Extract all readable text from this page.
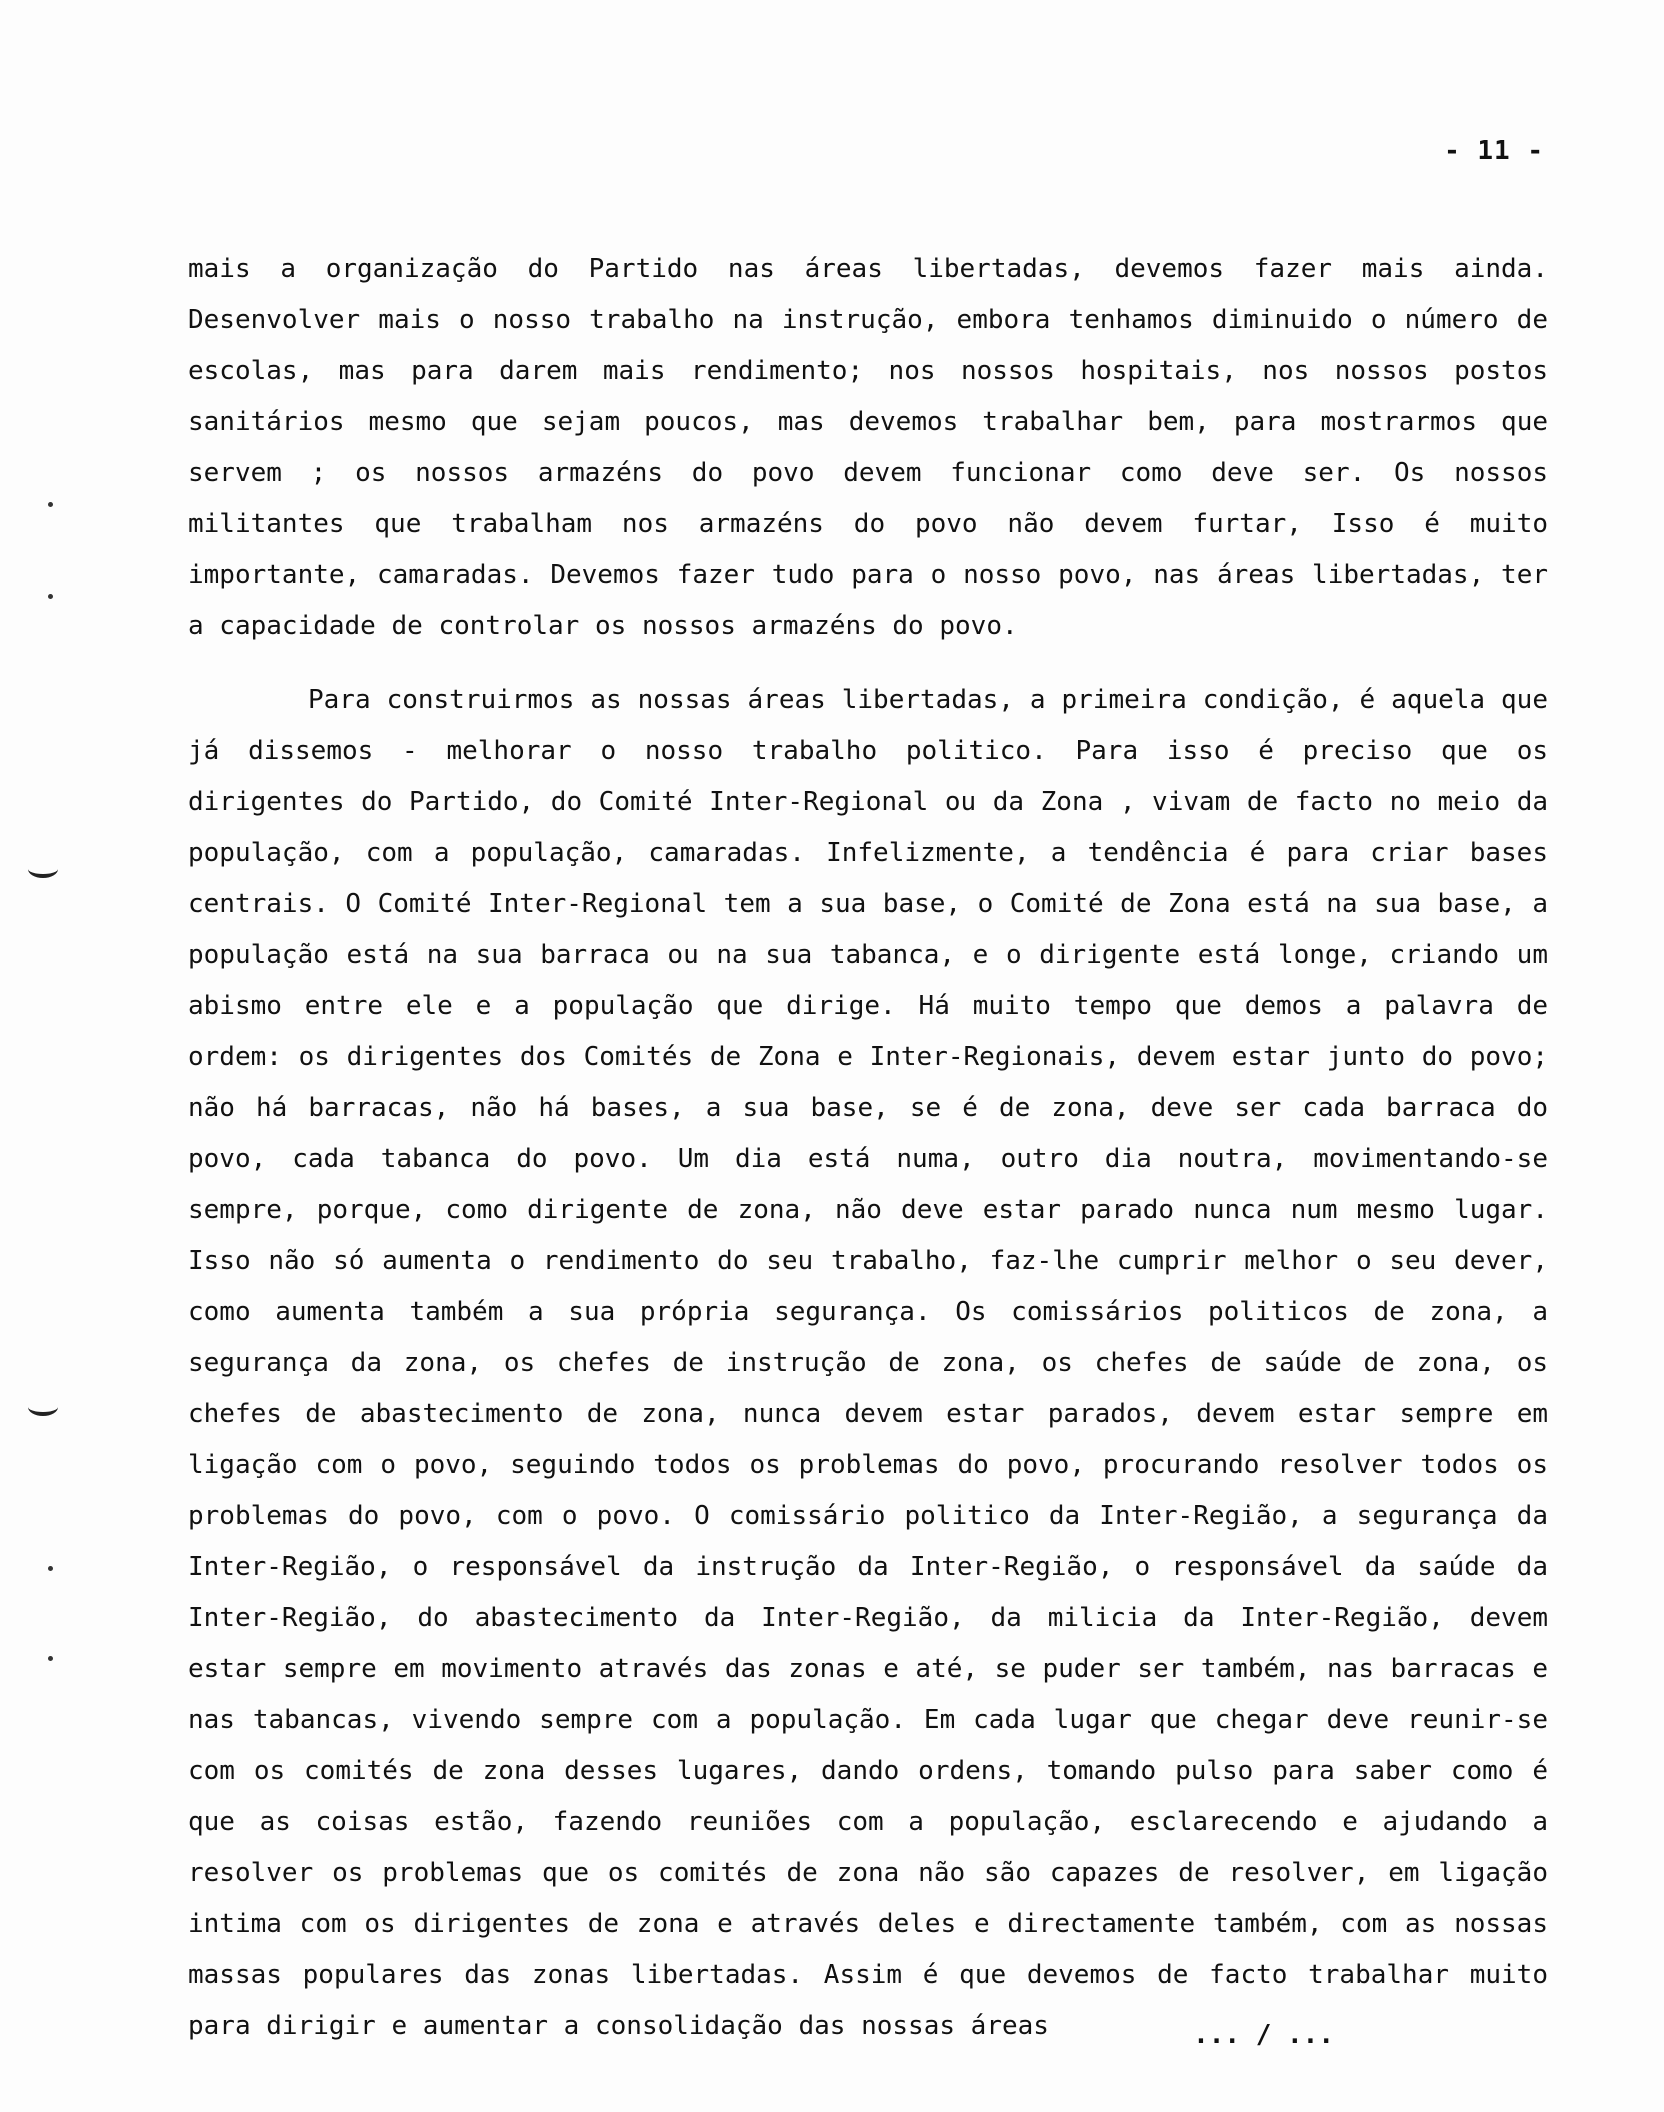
- 11 -
mais a organização do Partido nas áreas libertadas, devemos fazer mais ainda. Desenvolver mais o nosso trabalho na instrução, embora tenhamos diminuido o número de escolas, mas para darem mais rendimento; nos nossos hospitais, nos nossos postos sanitários mesmo que sejam poucos, mas devemos trabalhar bem, para mostrarmos que servem ; os nossos armazéns do povo devem funcionar como deve ser. Os nossos militantes que trabalham nos armazéns do povo não devem furtar, Isso é muito importante, camaradas. Devemos fazer tudo para o nosso povo, nas áreas libertadas, ter a capacidade de controlar os nossos armazéns do povo.
Para construirmos as nossas áreas libertadas, a primeira condição, é aquela que já dissemos - melhorar o nosso trabalho politico. Para isso é preciso que os dirigentes do Partido, do Comité Inter-Regional ou da Zona , vivam de facto no meio da população, com a população, camaradas. Infelizmente, a tendência é para criar bases centrais. O Comité Inter-Regional tem a sua base, o Comité de Zona está na sua base, a população está na sua barraca ou na sua tabanca, e o dirigente está longe, criando um abismo entre ele e a população que dirige. Há muito tempo que demos a palavra de ordem: os dirigentes dos Comités de Zona e Inter-Regionais, devem estar junto do povo; não há barracas, não há bases, a sua base, se é de zona, deve ser cada barraca do povo, cada tabanca do povo. Um dia está numa, outro dia noutra, movimentando-se sempre, porque, como dirigente de zona, não deve estar parado nunca num mesmo lugar. Isso não só aumenta o rendimento do seu trabalho, faz-lhe cumprir melhor o seu dever, como aumenta também a sua própria segurança. Os comissários politicos de zona, a segurança da zona, os chefes de instrução de zona, os chefes de saúde de zona, os chefes de abastecimento de zona, nunca devem estar parados, devem estar sempre em ligação com o povo, seguindo todos os problemas do povo, procurando resolver todos os problemas do povo, com o povo. O comissário politico da Inter-Região, a segurança da Inter-Região, o responsável da instrução da Inter-Região, o responsável da saúde da Inter-Região, do abastecimento da Inter-Região, da milicia da Inter-Região, devem estar sempre em movimento através das zonas e até, se puder ser também, nas barracas e nas tabancas, vivendo sempre com a população. Em cada lugar que chegar deve reunir-se com os comités de zona desses lugares, dando ordens, tomando pulso para saber como é que as coisas estão, fazendo reuniões com a população, esclarecendo e ajudando a resolver os problemas que os comités de zona não são capazes de resolver, em ligação intima com os dirigentes de zona e através deles e directamente também, com as nossas massas populares das zonas libertadas. Assim é que devemos de facto trabalhar muito para dirigir e aumentar a consolidação das nossas áreas	... / ...
